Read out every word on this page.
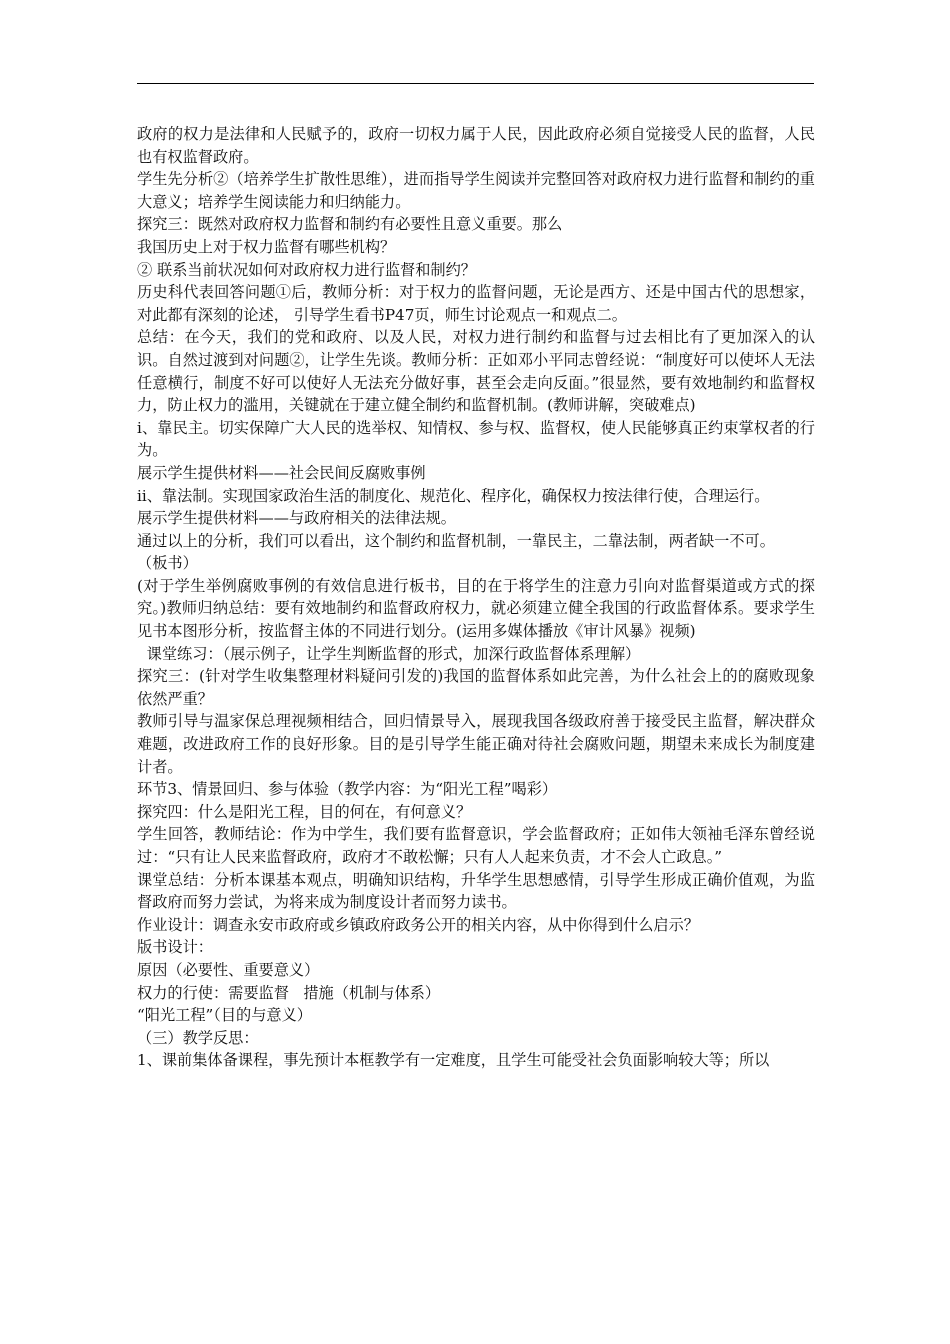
政府的权力是法律和人民赋予的，政府一切权力属于人民，因此政府必须自觉接受人民的监督，人民也有权监督政府。

学生先分析②（培养学生扩散性思维），进而指导学生阅读并完整回答对政府权力进行监督和制约的重大意义；培养学生阅读能力和归纳能力。

探究三：既然对政府权力监督和制约有必要性且意义重要。那么

我国历史上对于权力监督有哪些机构？

② 联系当前状况如何对政府权力进行监督和制约？

历史科代表回答问题①后，教师分析：对于权力的监督问题，无论是西方、还是中国古代的思想家，对此都有深刻的论述， 引导学生看书P47页，师生讨论观点一和观点二。

总结：在今天，我们的党和政府、以及人民，对权力进行制约和监督与过去相比有了更加深入的认识。自然过渡到对问题②，让学生先谈。教师分析：正如邓小平同志曾经说：“制度好可以使坏人无法任意横行，制度不好可以使好人无法充分做好事，甚至会走向反面。”很显然，要有效地制约和监督权力，防止权力的滥用，关键就在于建立健全制约和监督机制。(教师讲解，突破难点)

ⅰ、靠民主。切实保障广大人民的选举权、知情权、参与权、监督权，使人民能够真正约束掌权者的行为。

展示学生提供材料——社会民间反腐败事例

ⅱ、靠法制。实现国家政治生活的制度化、规范化、程序化，确保权力按法律行使，合理运行。

展示学生提供材料——与政府相关的法律法规。

通过以上的分析，我们可以看出，这个制约和监督机制，一靠民主，二靠法制，两者缺一不可。

（板书）

(对于学生举例腐败事例的有效信息进行板书，目的在于将学生的注意力引向对监督渠道或方式的探究。)教师归纳总结：要有效地制约和监督政府权力，就必须建立健全我国的行政监督体系。要求学生见书本图形分析，按监督主体的不同进行划分。(运用多媒体播放《审计风暴》视频)

课堂练习：（展示例子，让学生判断监督的形式，加深行政监督体系理解）

探究三：(针对学生收集整理材料疑问引发的)我国的监督体系如此完善，为什么社会上的的腐败现象依然严重？

教师引导与温家保总理视频相结合，回归情景导入，展现我国各级政府善于接受民主监督，解决群众难题，改进政府工作的良好形象。目的是引导学生能正确对待社会腐败问题，期望未来成长为制度建计者。

环节3、情景回归、参与体验（教学内容：为“阳光工程”喝彩）

探究四：什么是阳光工程，目的何在，有何意义？

学生回答，教师结论：作为中学生，我们要有监督意识，学会监督政府；正如伟大领袖毛泽东曾经说过：“只有让人民来监督政府，政府才不敢松懈；只有人人起来负责，才不会人亡政息。”

课堂总结：分析本课基本观点，明确知识结构，升华学生思想感情，引导学生形成正确价值观，为监督政府而努力尝试，为将来成为制度设计者而努力读书。

作业设计：调查永安市政府或乡镇政府政务公开的相关内容，从中你得到什么启示？

版书设计：

原因（必要性、重要意义）

权力的行使：需要监督   措施（机制与体系）

“阳光工程”（目的与意义）

（三）教学反思：

1、课前集体备课程，事先预计本框教学有一定难度，且学生可能受社会负面影响较大等；所以
